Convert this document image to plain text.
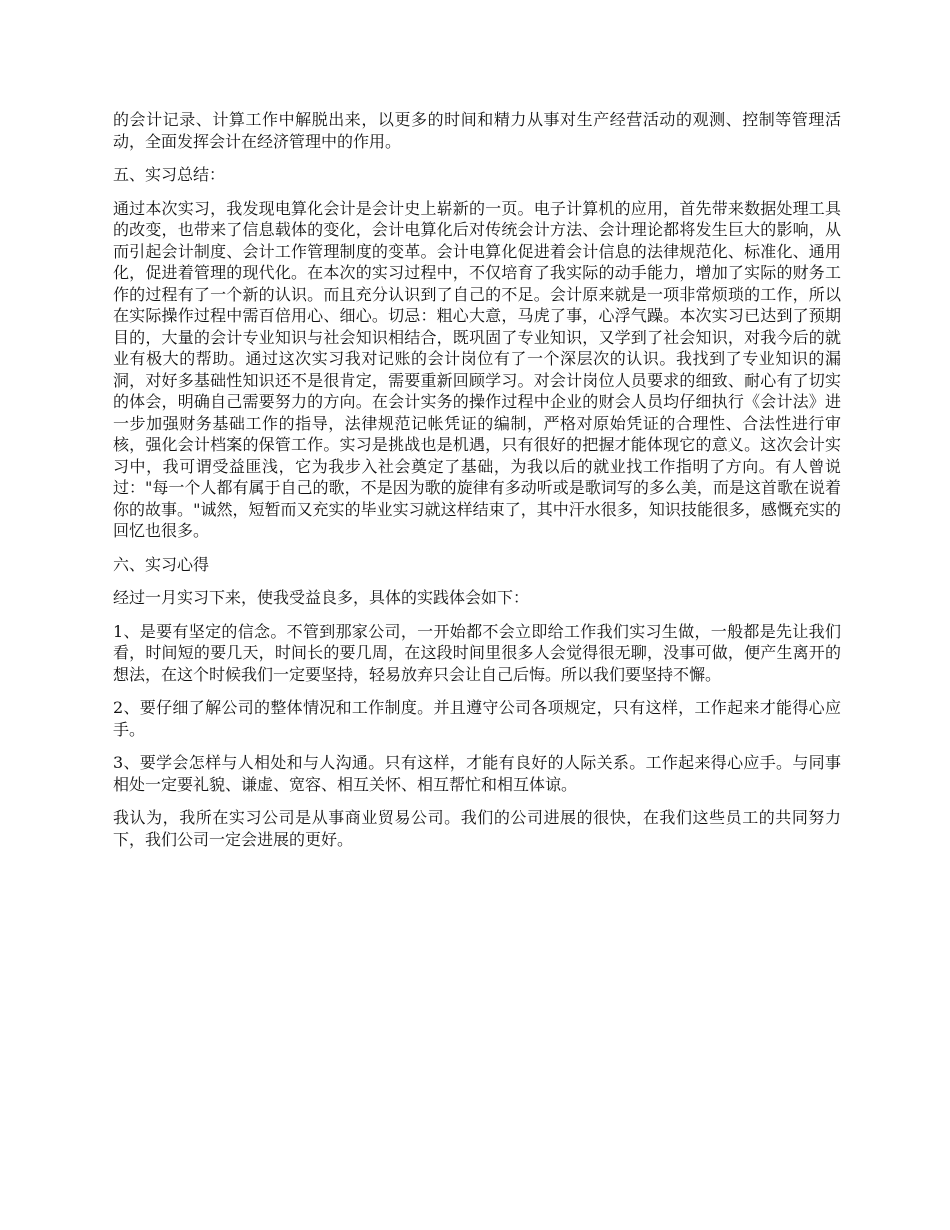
的会计记录、计算工作中解脱出来，以更多的时间和精力从事对生产经营活动的观测、控制等管理活动，全面发挥会计在经济管理中的作用。

五、实习总结：

通过本次实习，我发现电算化会计是会计史上崭新的一页。电子计算机的应用，首先带来数据处理工具的改变，也带来了信息载体的变化，会计电算化后对传统会计方法、会计理论都将发生巨大的影响，从而引起会计制度、会计工作管理制度的变革。会计电算化促进着会计信息的法律规范化、标准化、通用化，促进着管理的现代化。在本次的实习过程中，不仅培育了我实际的动手能力，增加了实际的财务工作的过程有了一个新的认识。而且充分认识到了自己的不足。会计原来就是一项非常烦琐的工作，所以在实际操作过程中需百倍用心、细心。切忌：粗心大意，马虎了事，心浮气躁。本次实习已达到了预期目的，大量的会计专业知识与社会知识相结合，既巩固了专业知识，又学到了社会知识，对我今后的就业有极大的帮助。通过这次实习我对记账的会计岗位有了一个深层次的认识。我找到了专业知识的漏洞，对好多基础性知识还不是很肯定，需要重新回顾学习。对会计岗位人员要求的细致、耐心有了切实的体会，明确自己需要努力的方向。在会计实务的操作过程中企业的财会人员均仔细执行《会计法》进一步加强财务基础工作的指导，法律规范记帐凭证的编制，严格对原始凭证的合理性、合法性进行审核，强化会计档案的保管工作。实习是挑战也是机遇，只有很好的把握才能体现它的意义。这次会计实习中，我可谓受益匪浅，它为我步入社会奠定了基础，为我以后的就业找工作指明了方向。有人曾说过："每一个人都有属于自己的歌，不是因为歌的旋律有多动听或是歌词写的多么美，而是这首歌在说着你的故事。"诚然，短暂而又充实的毕业实习就这样结束了，其中汗水很多，知识技能很多，感慨充实的回忆也很多。

六、实习心得

经过一月实习下来，使我受益良多，具体的实践体会如下：

1、是要有坚定的信念。不管到那家公司，一开始都不会立即给工作我们实习生做，一般都是先让我们看，时间短的要几天，时间长的要几周，在这段时间里很多人会觉得很无聊，没事可做，便产生离开的想法，在这个时候我们一定要坚持，轻易放弃只会让自己后悔。所以我们要坚持不懈。

2、要仔细了解公司的整体情况和工作制度。并且遵守公司各项规定，只有这样，工作起来才能得心应手。

3、要学会怎样与人相处和与人沟通。只有这样，才能有良好的人际关系。工作起来得心应手。与同事相处一定要礼貌、谦虚、宽容、相互关怀、相互帮忙和相互体谅。

我认为，我所在实习公司是从事商业贸易公司。我们的公司进展的很快，在我们这些员工的共同努力下，我们公司一定会进展的更好。
